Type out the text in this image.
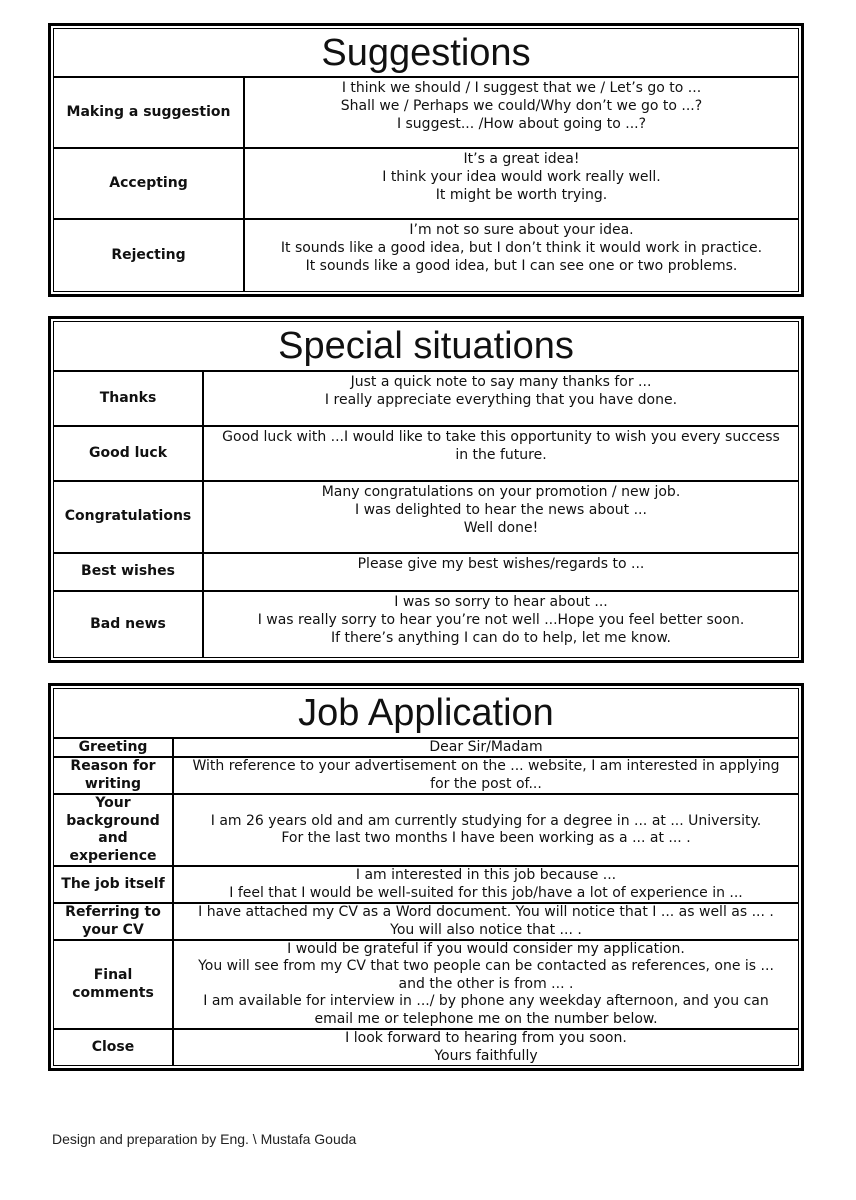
Suggestions
Making a suggestion
I think we should / I suggest that we / Let’s go to ...
Shall we / Perhaps we could/Why don’t we go to ...?
I suggest... /How about going to ...?
Accepting
It’s a great idea!
I think your idea would work really well.
It might be worth trying.
Rejecting
I’m not so sure about your idea.
It sounds like a good idea, but I don’t think it would work in practice.
It sounds like a good idea, but I can see one or two problems.
Special situations
Thanks
Just a quick note to say many thanks for ...
I really appreciate everything that you have done.
Good luck
Good luck with ...I would like to take this opportunity to wish you every success
in the future.
Congratulations
Many congratulations on your promotion / new job.
I was delighted to hear the news about ...
Well done!
Best wishes	Please give my best wishes/regards to ...
Bad news
I was so sorry to hear about ...
I was really sorry to hear you’re not well ...Hope you feel better soon.
If there’s anything I can do to help, let me know.
Job Application
Greeting	Dear Sir/Madam
Reason for
writing
With reference to your advertisement on the ... website, I am interested in applying
for the post of...
Your
background
and
experience
I am 26 years old and am currently studying for a degree in ... at ... University.
For the last two months I have been working as a ... at ... .
The job itself
I am interested in this job because ...
I feel that I would be well-suited for this job/have a lot of experience in ...
Referring to
your CV
I have attached my CV as a Word document. You will notice that I ... as well as ... .
You will also notice that ... .
Final
comments
I would be grateful if you would consider my application.
You will see from my CV that two people can be contacted as references, one is ...
and the other is from ... .
I am available for interview in .../ by phone any weekday afternoon, and you can
email me or telephone me on the number below.
Close
I look forward to hearing from you soon.
Yours faithfully
Design and preparation by Eng. \ Mustafa Gouda
